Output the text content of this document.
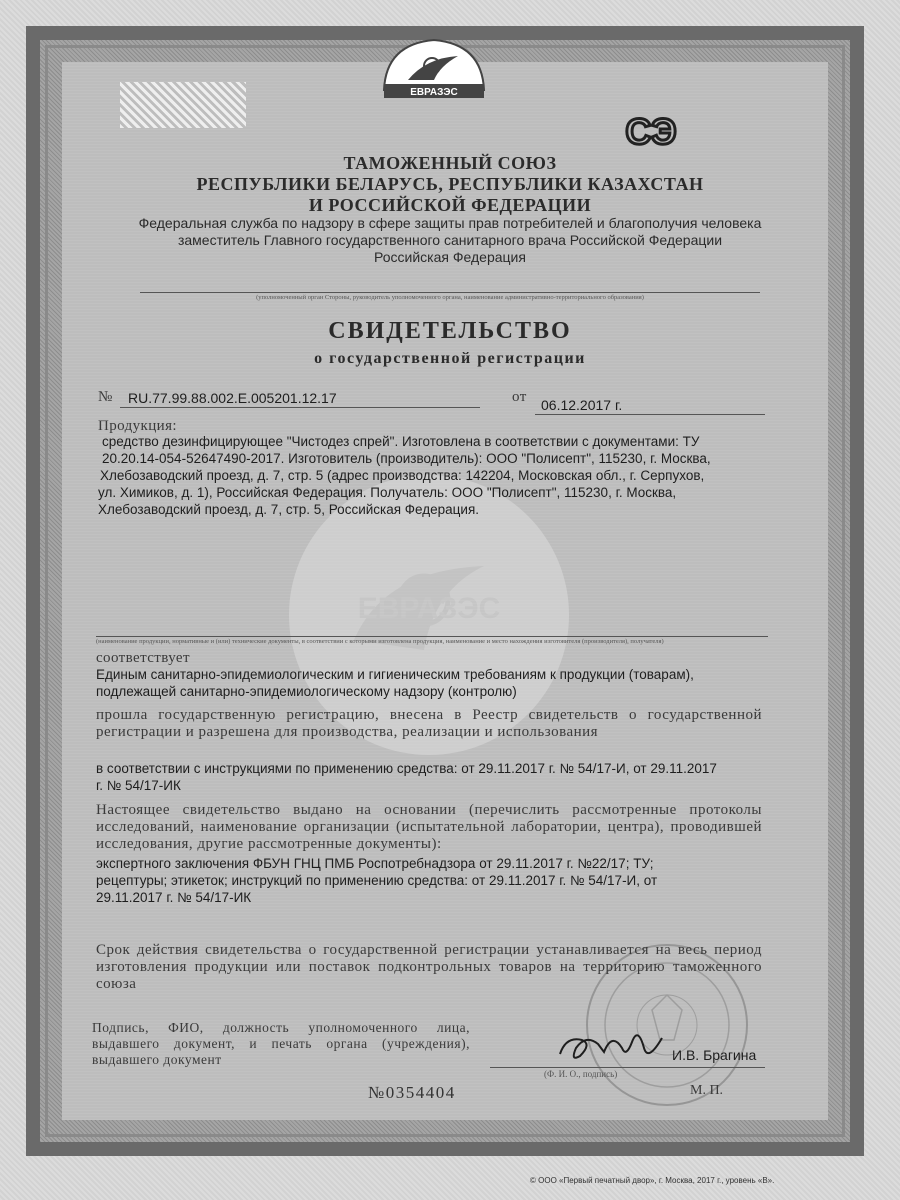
ЕВРАЗЭС
СЭ
ЕВРАЗЭС

ТАМОЖЕННЫЙ СОЮЗ

РЕСПУБЛИКИ БЕЛАРУСЬ, РЕСПУБЛИКИ КАЗАХСТАН

И РОССИЙСКОЙ ФЕДЕРАЦИИ

Федеральная служба по надзору в сфере защиты прав потребителей и благополучия человека

заместитель Главного государственного санитарного врача Российской Федерации

Российская Федерация

(уполномоченный орган Стороны, руководитель уполномоченного органа, наименование административно-территориального образования)

СВИДЕТЕЛЬСТВО

о государственной регистрации

№ RU.77.99.88.002.E.005201.12.17	от 06.12.2017 г.

Продукция:

средство дезинфицирующее "Чистодез спрей". Изготовлена в соответствии с документами: ТУ

20.20.14-054-52647490-2017. Изготовитель (производитель): ООО "Полисепт", 115230, г. Москва,

Хлебозаводский проезд, д. 7, стр. 5 (адрес производства: 142204, Московская обл., г. Серпухов,

ул. Химиков, д. 1), Российская Федерация. Получатель: ООО "Полисепт", 115230, г. Москва,

Хлебозаводский проезд, д. 7, стр. 5, Российская Федерация.

(наименование продукции, нормативные и (или) технические документы, в соответствии с которыми изготовлена продукция, наименование и место нахождения изготовителя (производителя), получателя)

соответствует

Единым санитарно-эпидемиологическим и гигиеническим требованиям к продукции (товарам),

подлежащей санитарно-эпидемиологическому надзору (контролю)

прошла государственную регистрацию, внесена в Реестр свидетельств о государственной регистрации и разрешена для производства, реализации и использования

в соответствии с инструкциями по применению средства: от 29.11.2017 г. № 54/17-И, от 29.11.2017

г. № 54/17-ИК

Настоящее свидетельство выдано на основании (перечислить рассмотренные протоколы исследований, наименование организации (испытательной лаборатории, центра), проводившей исследования, другие рассмотренные документы):

экспертного заключения ФБУН ГНЦ ПМБ Роспотребнадзора от 29.11.2017 г. №22/17; ТУ;

рецептуры; этикеток; инструкций по применению средства: от 29.11.2017 г. № 54/17-И, от

29.11.2017 г. № 54/17-ИК

Срок действия свидетельства о государственной регистрации устанавливается на весь период изготовления продукции или поставок подконтрольных товаров на территорию таможенного союза

Подпись, ФИО, должность уполномоченного лица, выдавшего документ, и печать органа (учреждения), выдавшего документ	И.В. Брагина

(Ф. И. О., подпись)

№0354404	М. П.

© ООО «Первый печатный двор», г. Москва, 2017 г., уровень «В».
